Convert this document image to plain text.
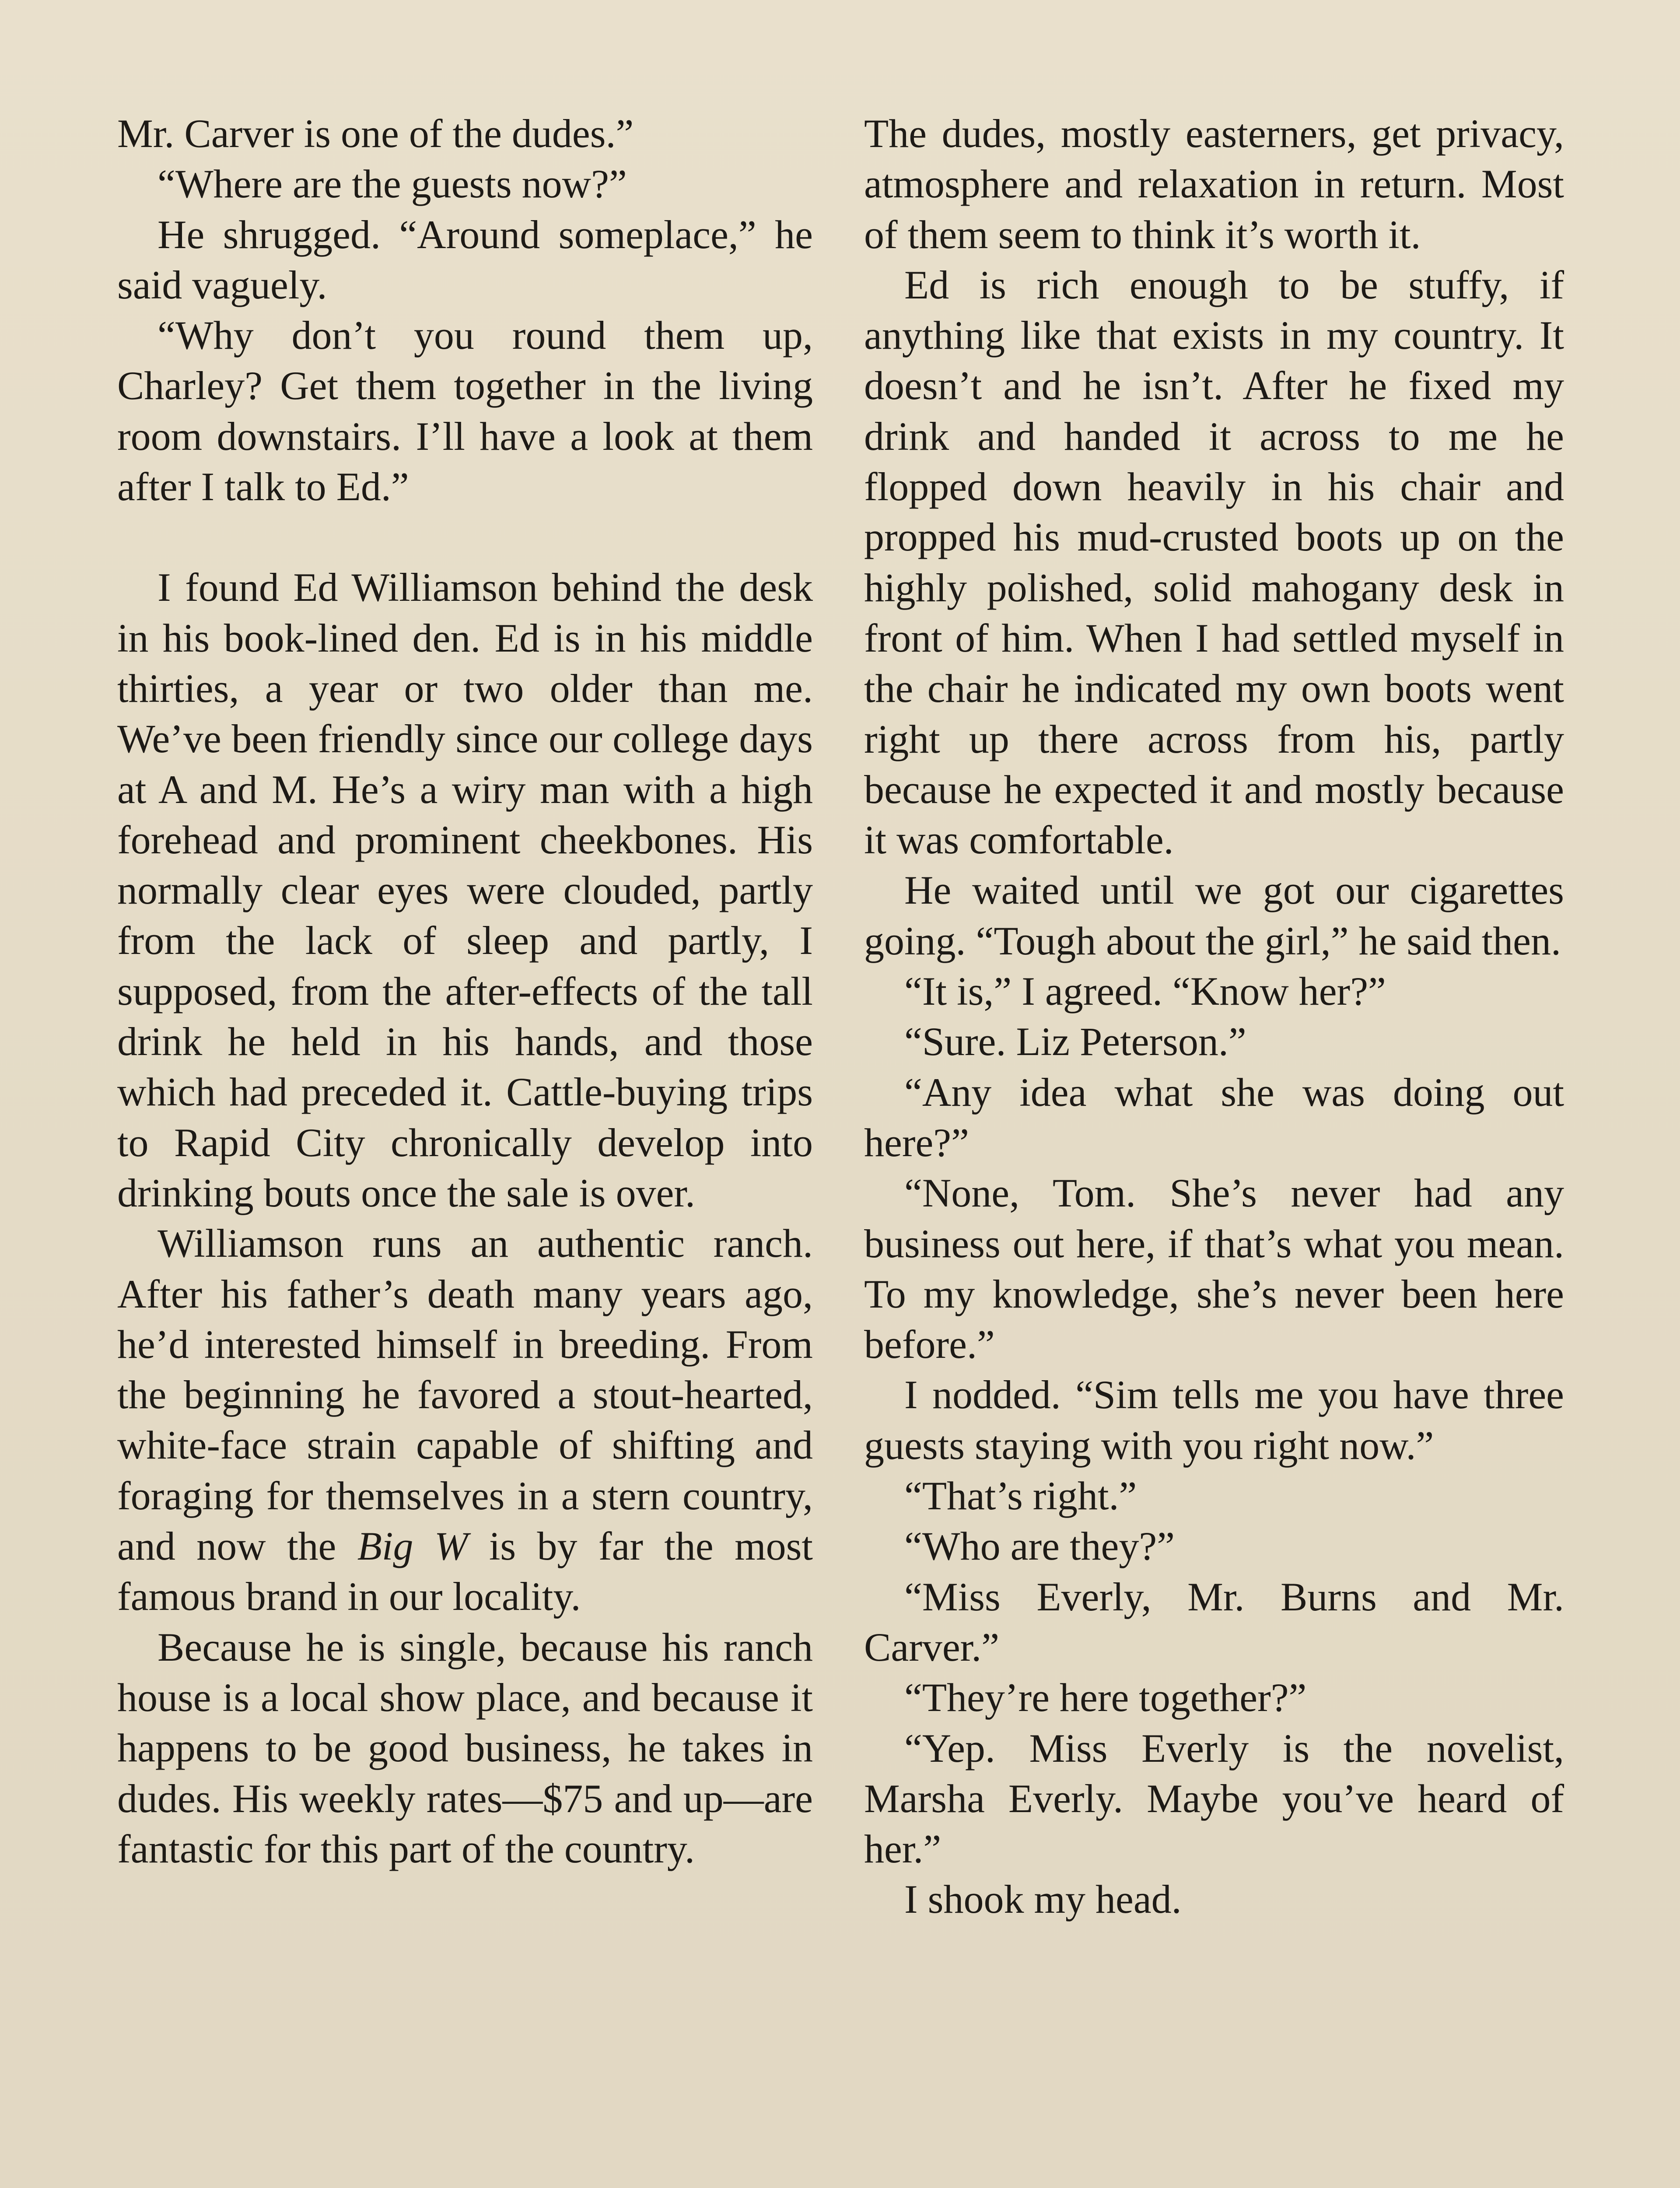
Mr. Carver is one of the dudes.”

“Where are the guests now?”

He shrugged. “Around someplace,” he said vaguely.

“Why don’t you round them up, Charley? Get them together in the living room downstairs. I’ll have a look at them after I talk to Ed.”

I found Ed Williamson behind the desk in his book-lined den. Ed is in his middle thirties, a year or two older than me. We’ve been friendly since our college days at A and M. He’s a wiry man with a high forehead and prominent cheekbones. His normally clear eyes were clouded, partly from the lack of sleep and partly, I supposed, from the after-effects of the tall drink he held in his hands, and those which had preceded it. Cattle-buying trips to Rapid City chronically develop into drinking bouts once the sale is over.

Williamson runs an authentic ranch. After his father’s death many years ago, he’d interested himself in breeding. From the beginning he favored a stout-hearted, white-face strain capable of shifting and foraging for themselves in a stern country, and now the Big W is by far the most famous brand in our locality.

Because he is single, because his ranch house is a local show place, and because it happens to be good business, he takes in dudes. His weekly rates—$75 and up—are fantastic for this part of the country.

The dudes, mostly easterners, get privacy, atmosphere and relaxation in return. Most of them seem to think it’s worth it.

Ed is rich enough to be stuffy, if anything like that exists in my country. It doesn’t and he isn’t. After he fixed my drink and handed it across to me he flopped down heavily in his chair and propped his mud-crusted boots up on the highly polished, solid mahogany desk in front of him. When I had settled myself in the chair he indicated my own boots went right up there across from his, partly because he expected it and mostly because it was comfortable.

He waited until we got our cigarettes going. “Tough about the girl,” he said then.

“It is,” I agreed. “Know her?”

“Sure. Liz Peterson.”

“Any idea what she was doing out here?”

“None, Tom. She’s never had any business out here, if that’s what you mean. To my knowledge, she’s never been here before.”

I nodded. “Sim tells me you have three guests staying with you right now.”

“That’s right.”

“Who are they?”

“Miss Everly, Mr. Burns and Mr. Carver.”

“They’re here together?”

“Yep. Miss Everly is the novelist, Marsha Everly. Maybe you’ve heard of her.”

I shook my head.
